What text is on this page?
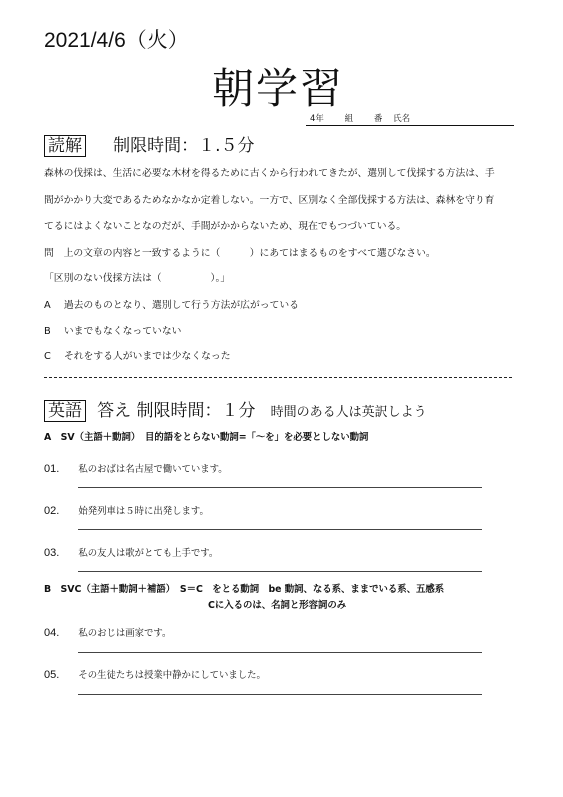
2021/4/6（火）
朝学習
4年 組 番 氏名
読解 制限時間：１.５分
森林の伐採は、生活に必要な木材を得るために古くから行われてきたが、選別して伐採する方法は、手
間がかかり大変であるためなかなか定着しない。一方で、区別なく全部伐採する方法は、森林を守り育
てるにはよくないことなのだが、手間がかからないため、現在でもつづいている。
問　上の文章の内容と一致するように（　　　）にあてはまるものをすべて選びなさい。
「区別のない伐採方法は（　　　　　）。」
A 過去のものとなり、選別して行う方法が広がっている
B いまでもなくなっていない
C それをする人がいまでは少なくなった
英語 答え 制限時間：１分 時間のある人は英訳しよう
A　SV（主語＋動詞）　目的語をとらない動詞=「～を」を必要としない動詞
01. 私のおばは名古屋で働いています。
02. 始発列車は５時に出発します。
03. 私の友人は歌がとても上手です。
B　SVC（主語＋動詞＋補語）　S＝C　をとる動詞　be 動詞、なる系、ままでいる系、五感系
Cに入るのは、名詞と形容詞のみ
04. 私のおじは画家です。
05. その生徒たちは授業中静かにしていました。
